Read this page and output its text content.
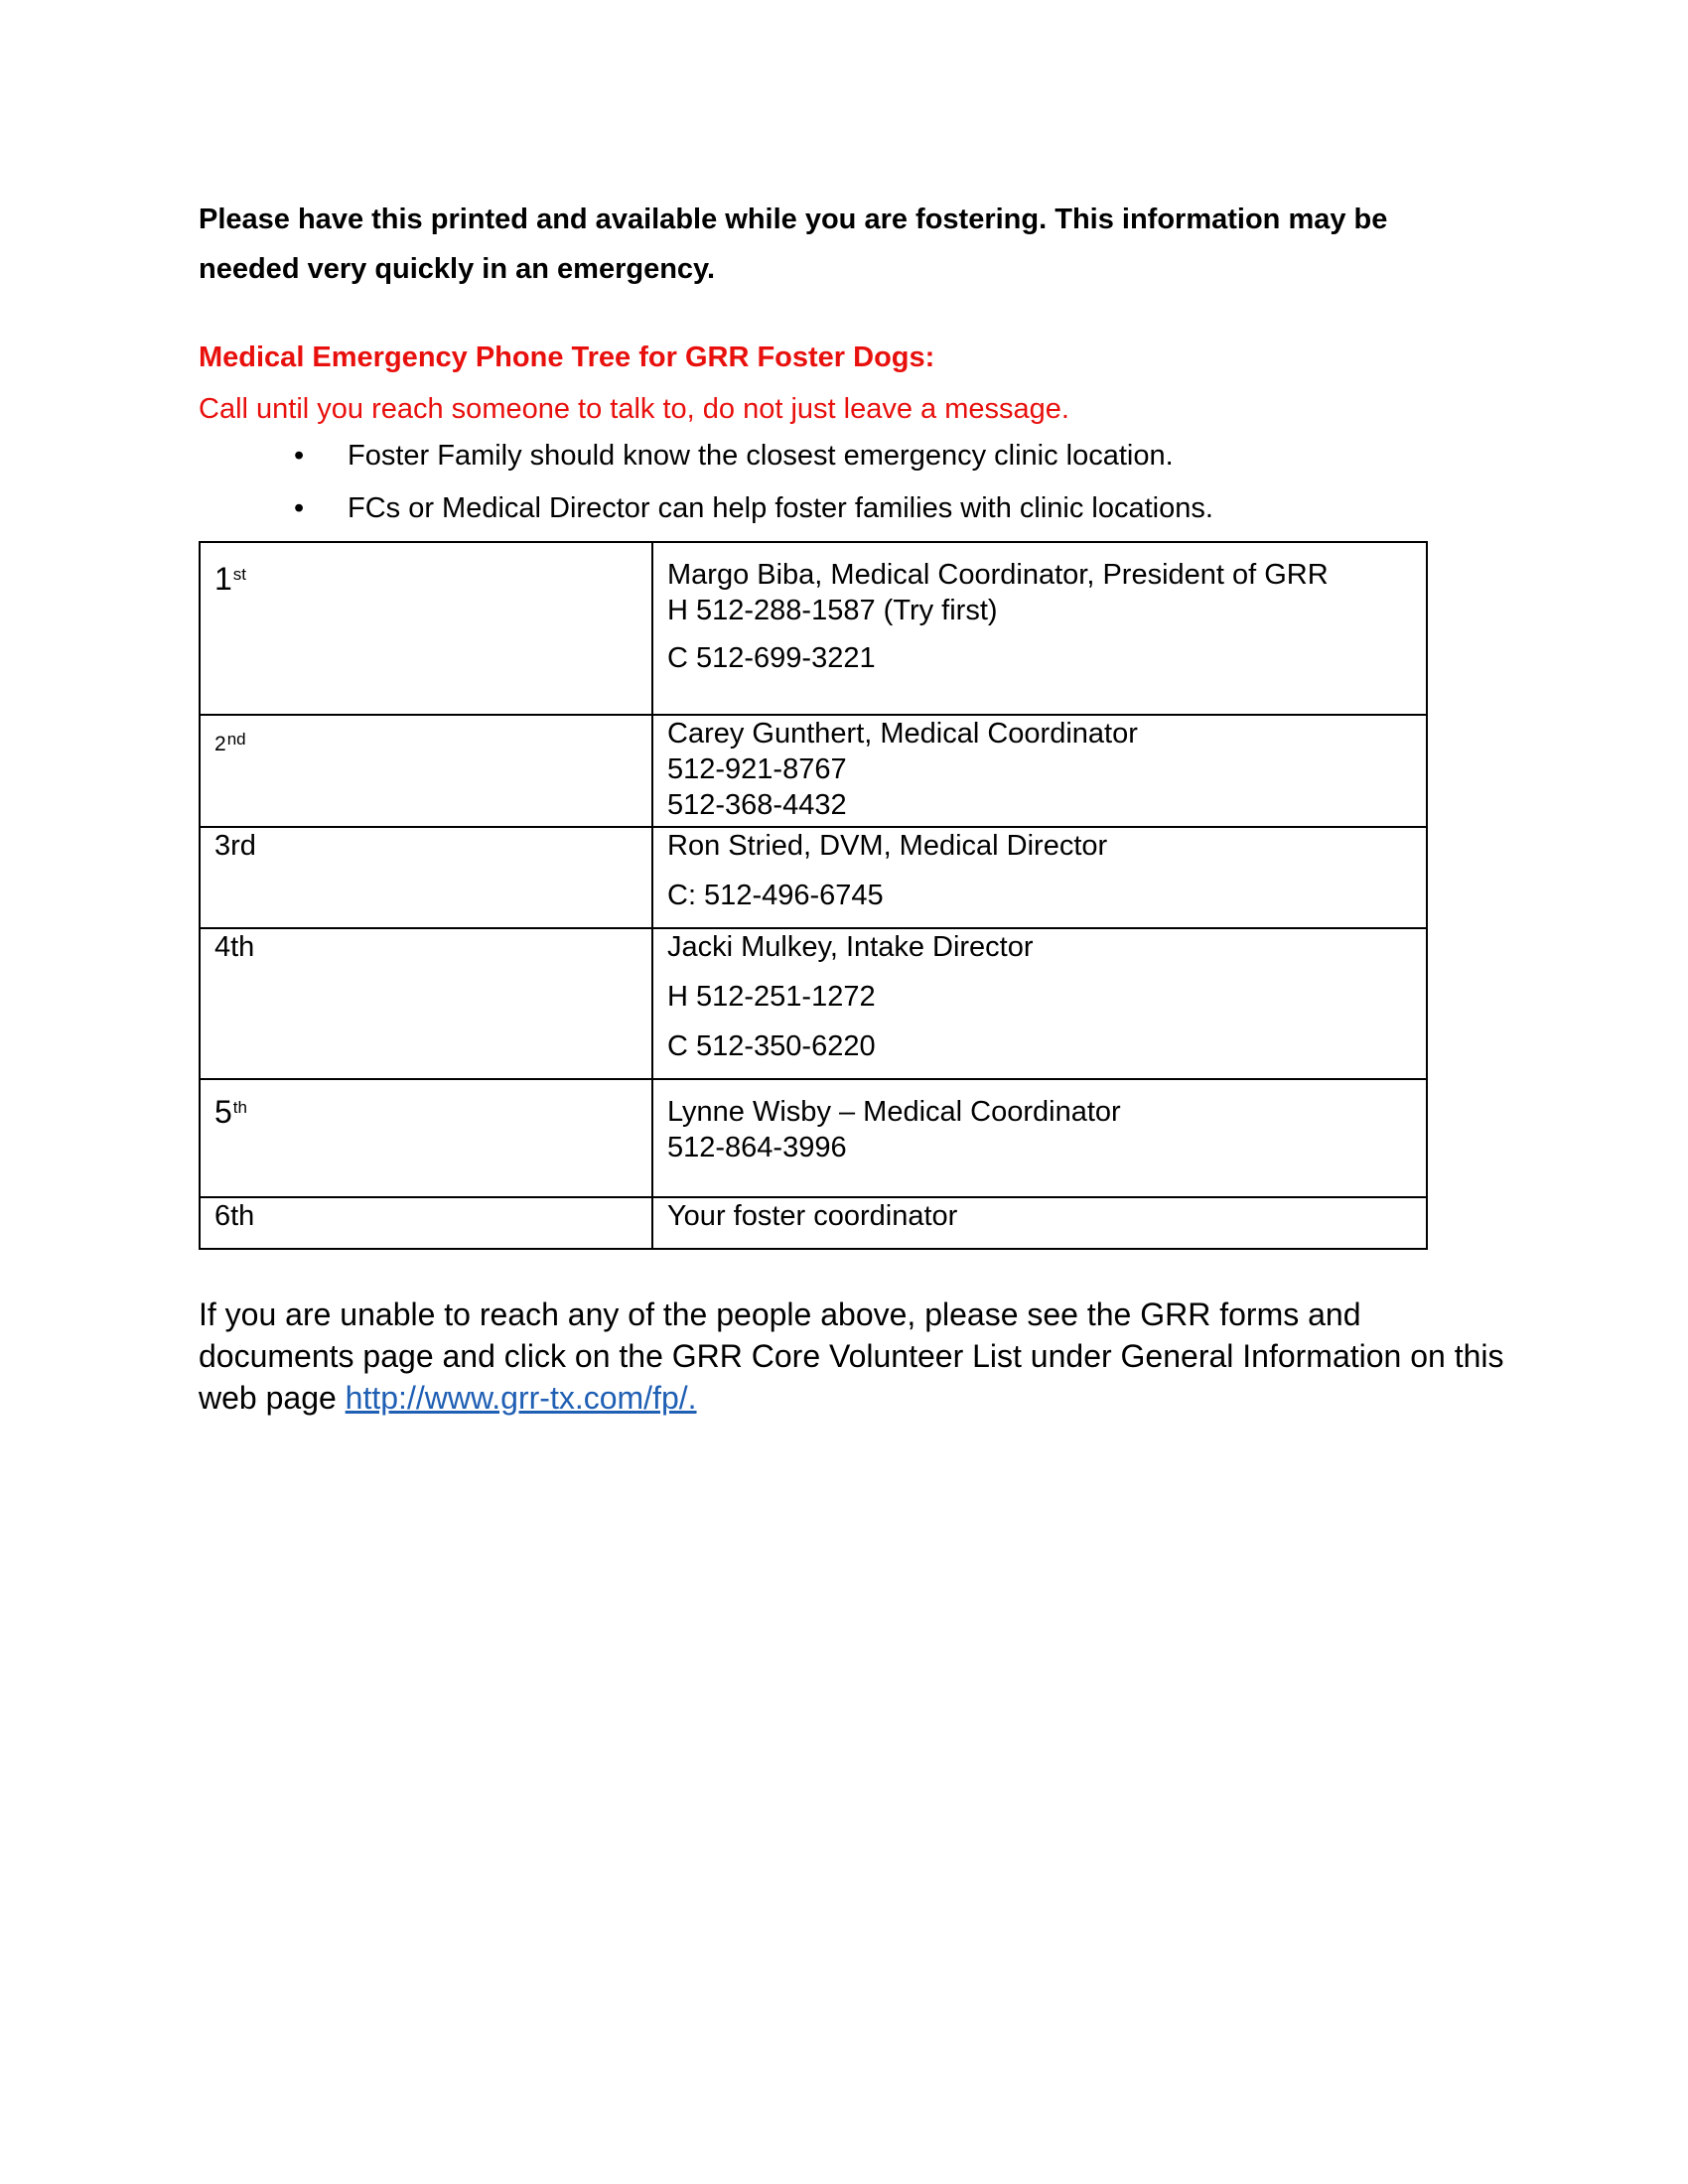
Please have this printed and available while you are fostering. This information may be needed very quickly in an emergency.

Medical Emergency Phone Tree for GRR Foster Dogs:

Call until you reach someone to talk to, do not just leave a message.

• Foster Family should know the closest emergency clinic location.
• FCs or Medical Director can help foster families with clinic locations.
1st	Margo Biba, Medical Coordinator, President of GRR
H 512-288-1587 (Try first)
C 512-699-3221

2nd	Carey Gunthert, Medical Coordinator
512-921-8767
512-368-4432

3rd	Ron Stried, DVM, Medical Director
C: 512-496-6745

4th	Jacki Mulkey, Intake Director
H 512-251-1272
C 512-350-6220

5th	Lynne Wisby – Medical Coordinator
512-864-3996

6th	Your foster coordinator

If you are unable to reach any of the people above, please see the GRR forms and documents page and click on the GRR Core Volunteer List under General Information on this web page http://www.grr-tx.com/fp/.
